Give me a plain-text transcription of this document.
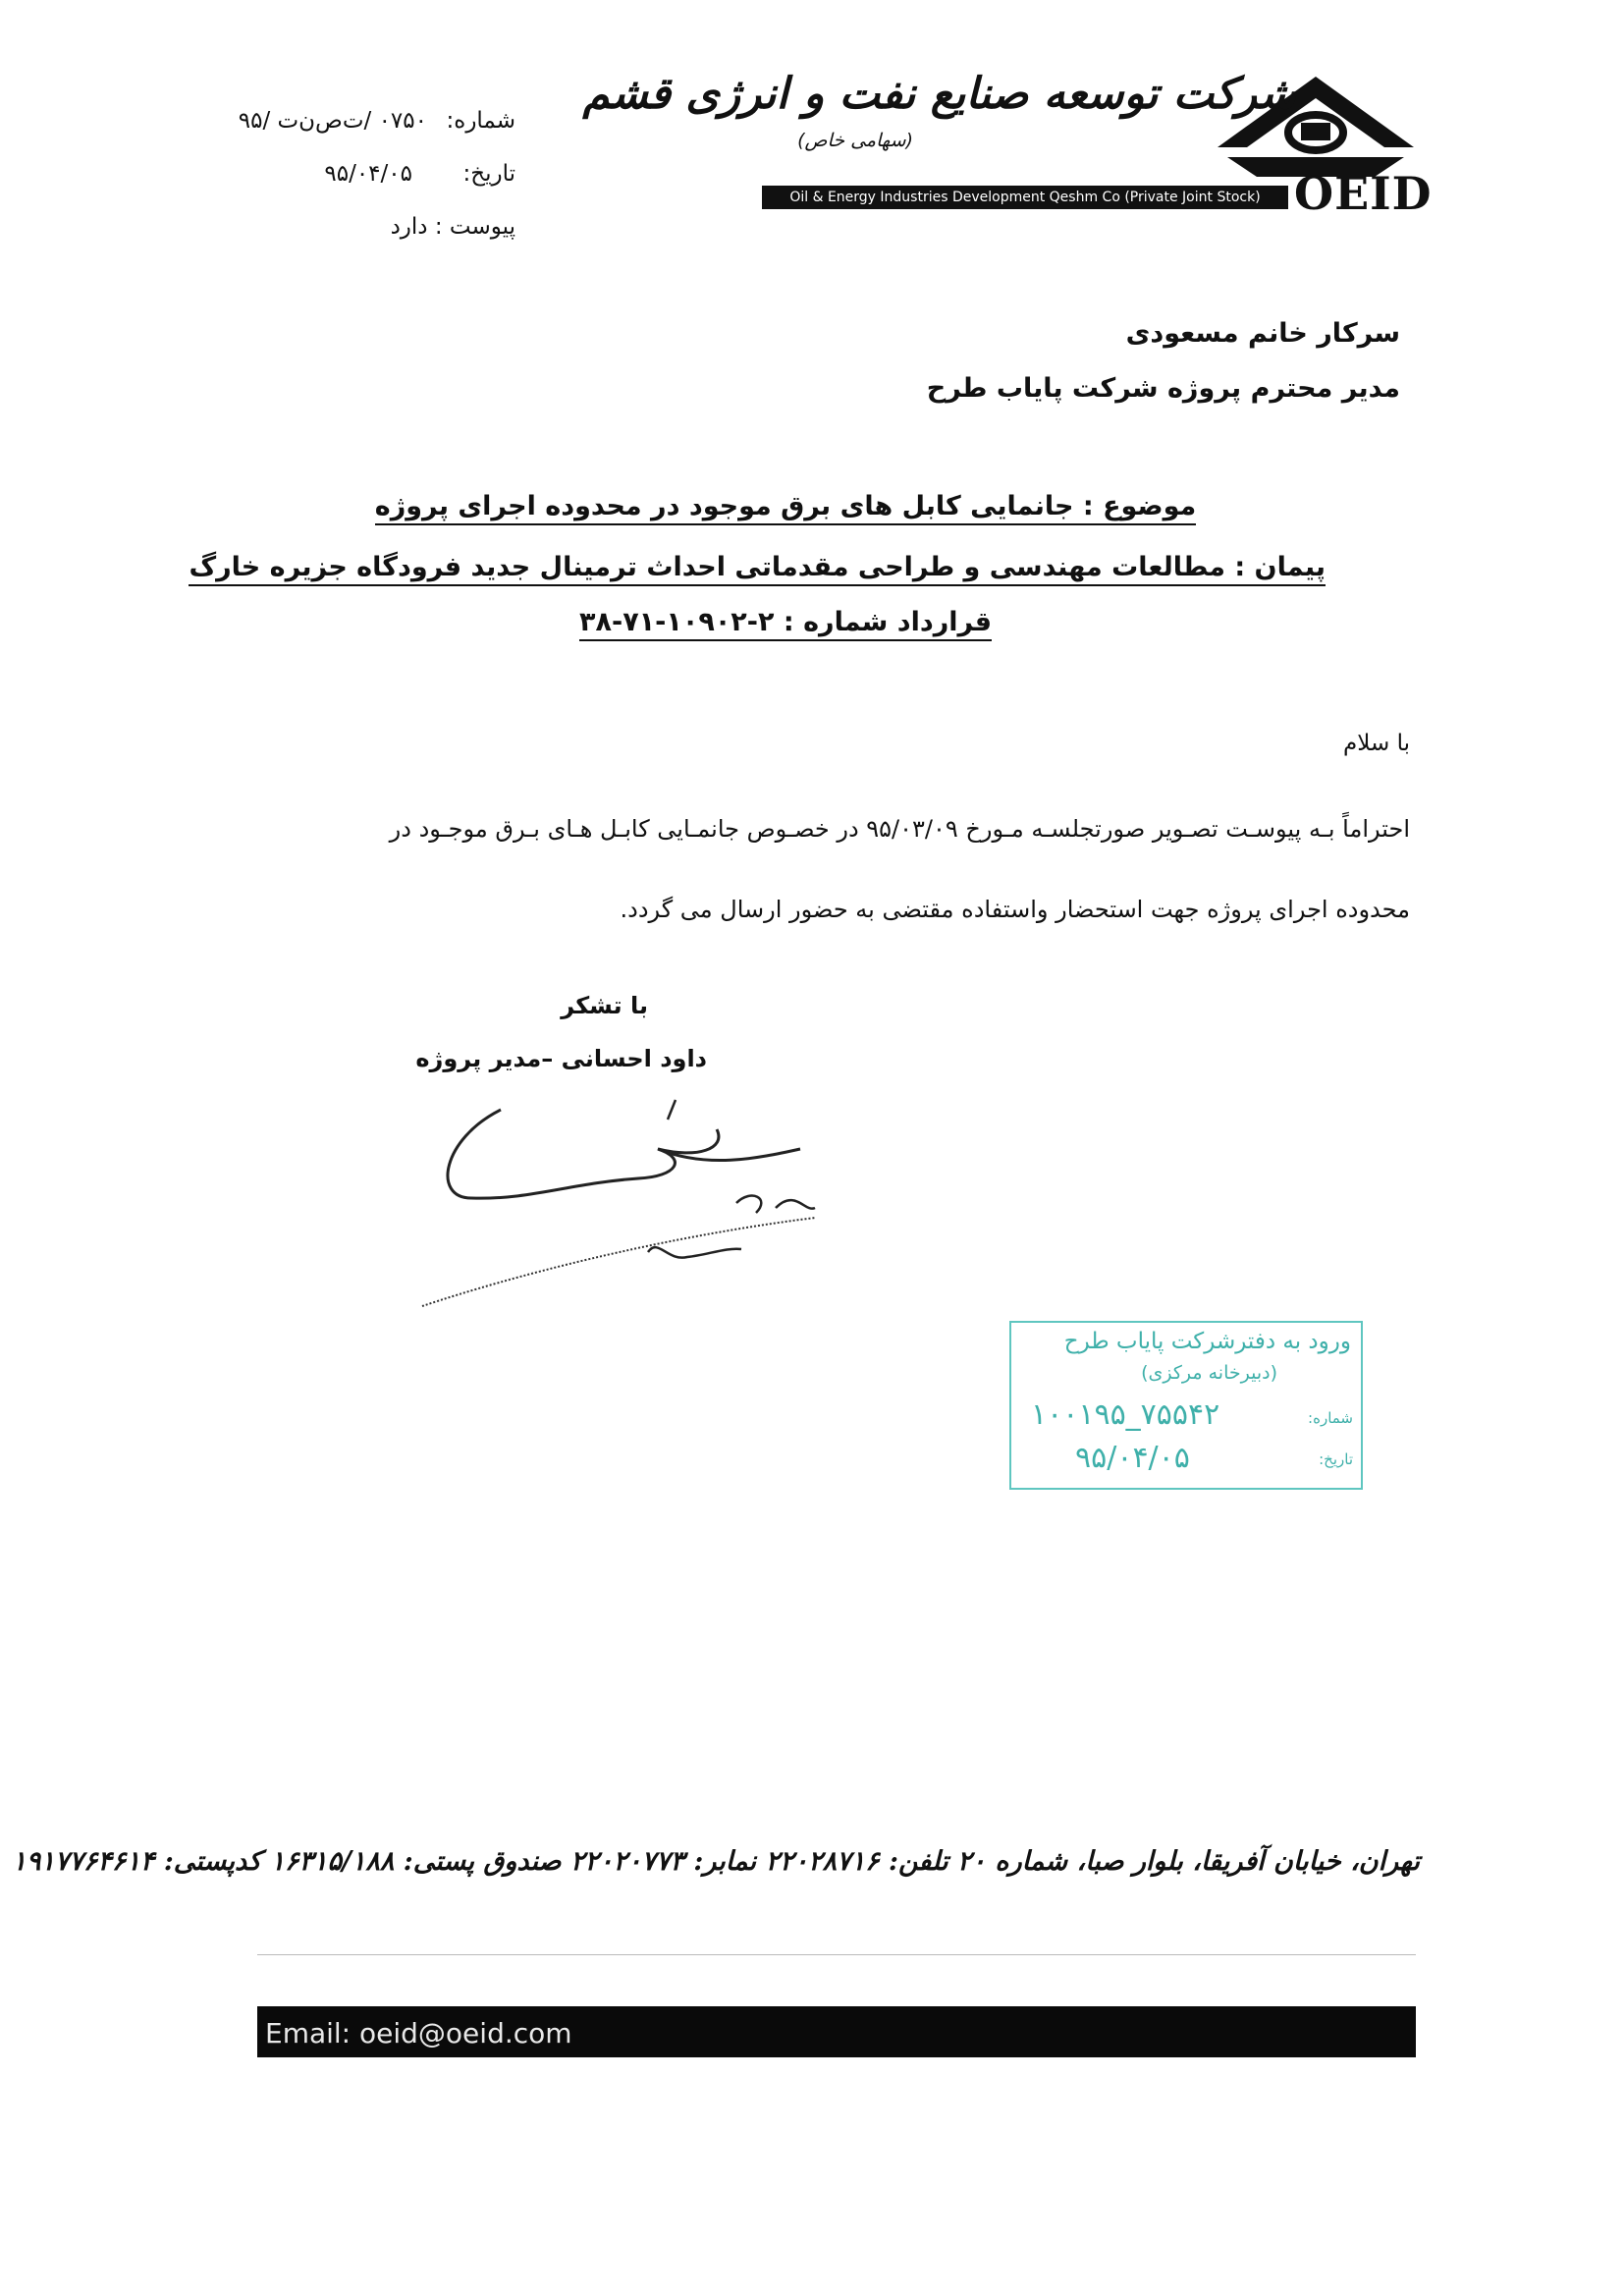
OEID
شرکت توسعه صنایع نفت و انرژی قشم
(سهامی خاص)
Oil & Energy Industries Development Qeshm Co (Private Joint Stock)
شماره:
۰۷۵۰ /ت‌ص‌ن‌ت /۹۵
تاریخ:
۹۵/۰۴/۰۵
پیوست : دارد
سرکار خانم مسعودی
مدیر محترم پروژه شرکت پایاب طرح
موضوع : جانمایی کابل های برق موجود در محدوده اجرای پروژه
پیمان : مطالعات مهندسی و طراحی مقدماتی احداث ترمینال جدید فرودگاه جزیره خارگ
قرارداد شماره : ۲-۱۰۹۰۲-۷۱-۳۸
با سلام
احتراماً بـه پیوسـت تصـویر صورتجلسـه مـورخ ۹۵/۰۳/۰۹ در خصـوص جانمـایی کابـل هـای بـرق موجـود در
محدوده اجرای پروژه جهت استحضار واستفاده مقتضی به حضور ارسال می گردد.
با تشکر
داود احسانی –مدیر پروژه
ورود به دفترشرکت پایاب طرح
(دبیرخانه مرکزی)
شماره:
۱۰۰۱۹۵_۷۵۵۴۲
تاریخ:
۹۵/۰۴/۰۵
تهران، خیابان آفریقا، بلوار صبا، شماره ۲۰ تلفن: ۲۲۰۲۸۷۱۶ نمابر: ۲۲۰۲۰۷۷۳ صندوق پستی: ۱۶۳۱۵/۱۸۸ کدپستی: ۱۹۱۷۷۶۴۶۱۴
Email: oeid@oeid.com
